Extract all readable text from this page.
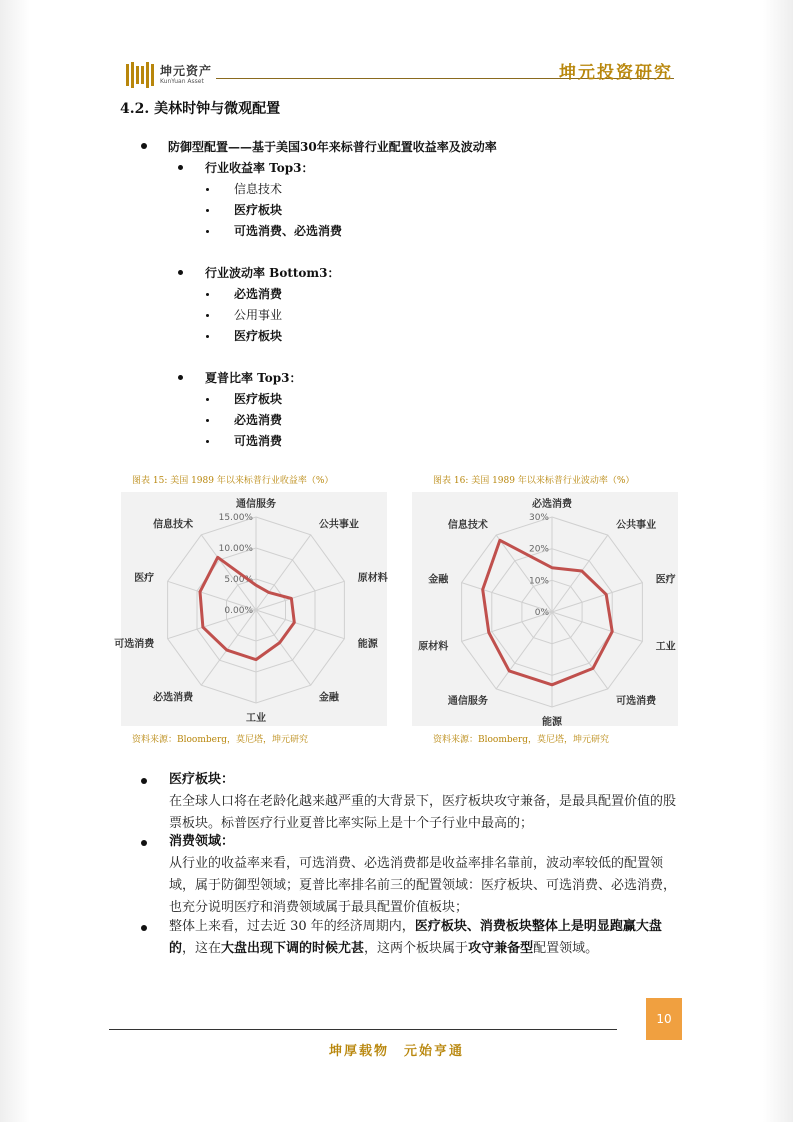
坤元资产
KunYuan Asset	坤元投资研究
4.2. 美林时钟与微观配置
防御型配置——基于美国30年来标普行业配置收益率及波动率
行业收益率 Top3：
信息技术
医疗板块
可选消费、必选消费
行业波动率 Bottom3：
必选消费
公用事业
医疗板块
夏普比率 Top3：
医疗板块
必选消费
可选消费
图表 15: 美国 1989 年以来标普行业收益率（%）	图表 16: 美国 1989 年以来标普行业波动率（%）
0.00%
5.00%
10.00%
15.00%
通信服务
公共事业
原材料
能源
金融
工业
必选消费
可选消费
医疗
信息技术
0%
10%
20%
30%
必选消费
公共事业
医疗
工业
可选消费
能源
通信服务
原材料
金融
信息技术
资料来源：Bloomberg，莫尼塔，坤元研究	资料来源：Bloomberg，莫尼塔，坤元研究
医疗板块：
在全球人口将在老龄化越来越严重的大背景下，医疗板块攻守兼备，是最具配置价值的股票板块。标普医疗行业夏普比率实际上是十个子行业中最高的；
消费领域：
从行业的收益率来看，可选消费、必选消费都是收益率排名靠前，波动率较低的配置领域，属于防御型领域；夏普比率排名前三的配置领域：医疗板块、可选消费、必选消费，也充分说明医疗和消费领域属于最具配置价值板块；
整体上来看，过去近 30 年的经济周期内，医疗板块、消费板块整体上是明显跑赢大盘的，这在大盘出现下调的时候尤甚，这两个板块属于攻守兼备型配置领域。
10
坤厚载物　元始亨通
